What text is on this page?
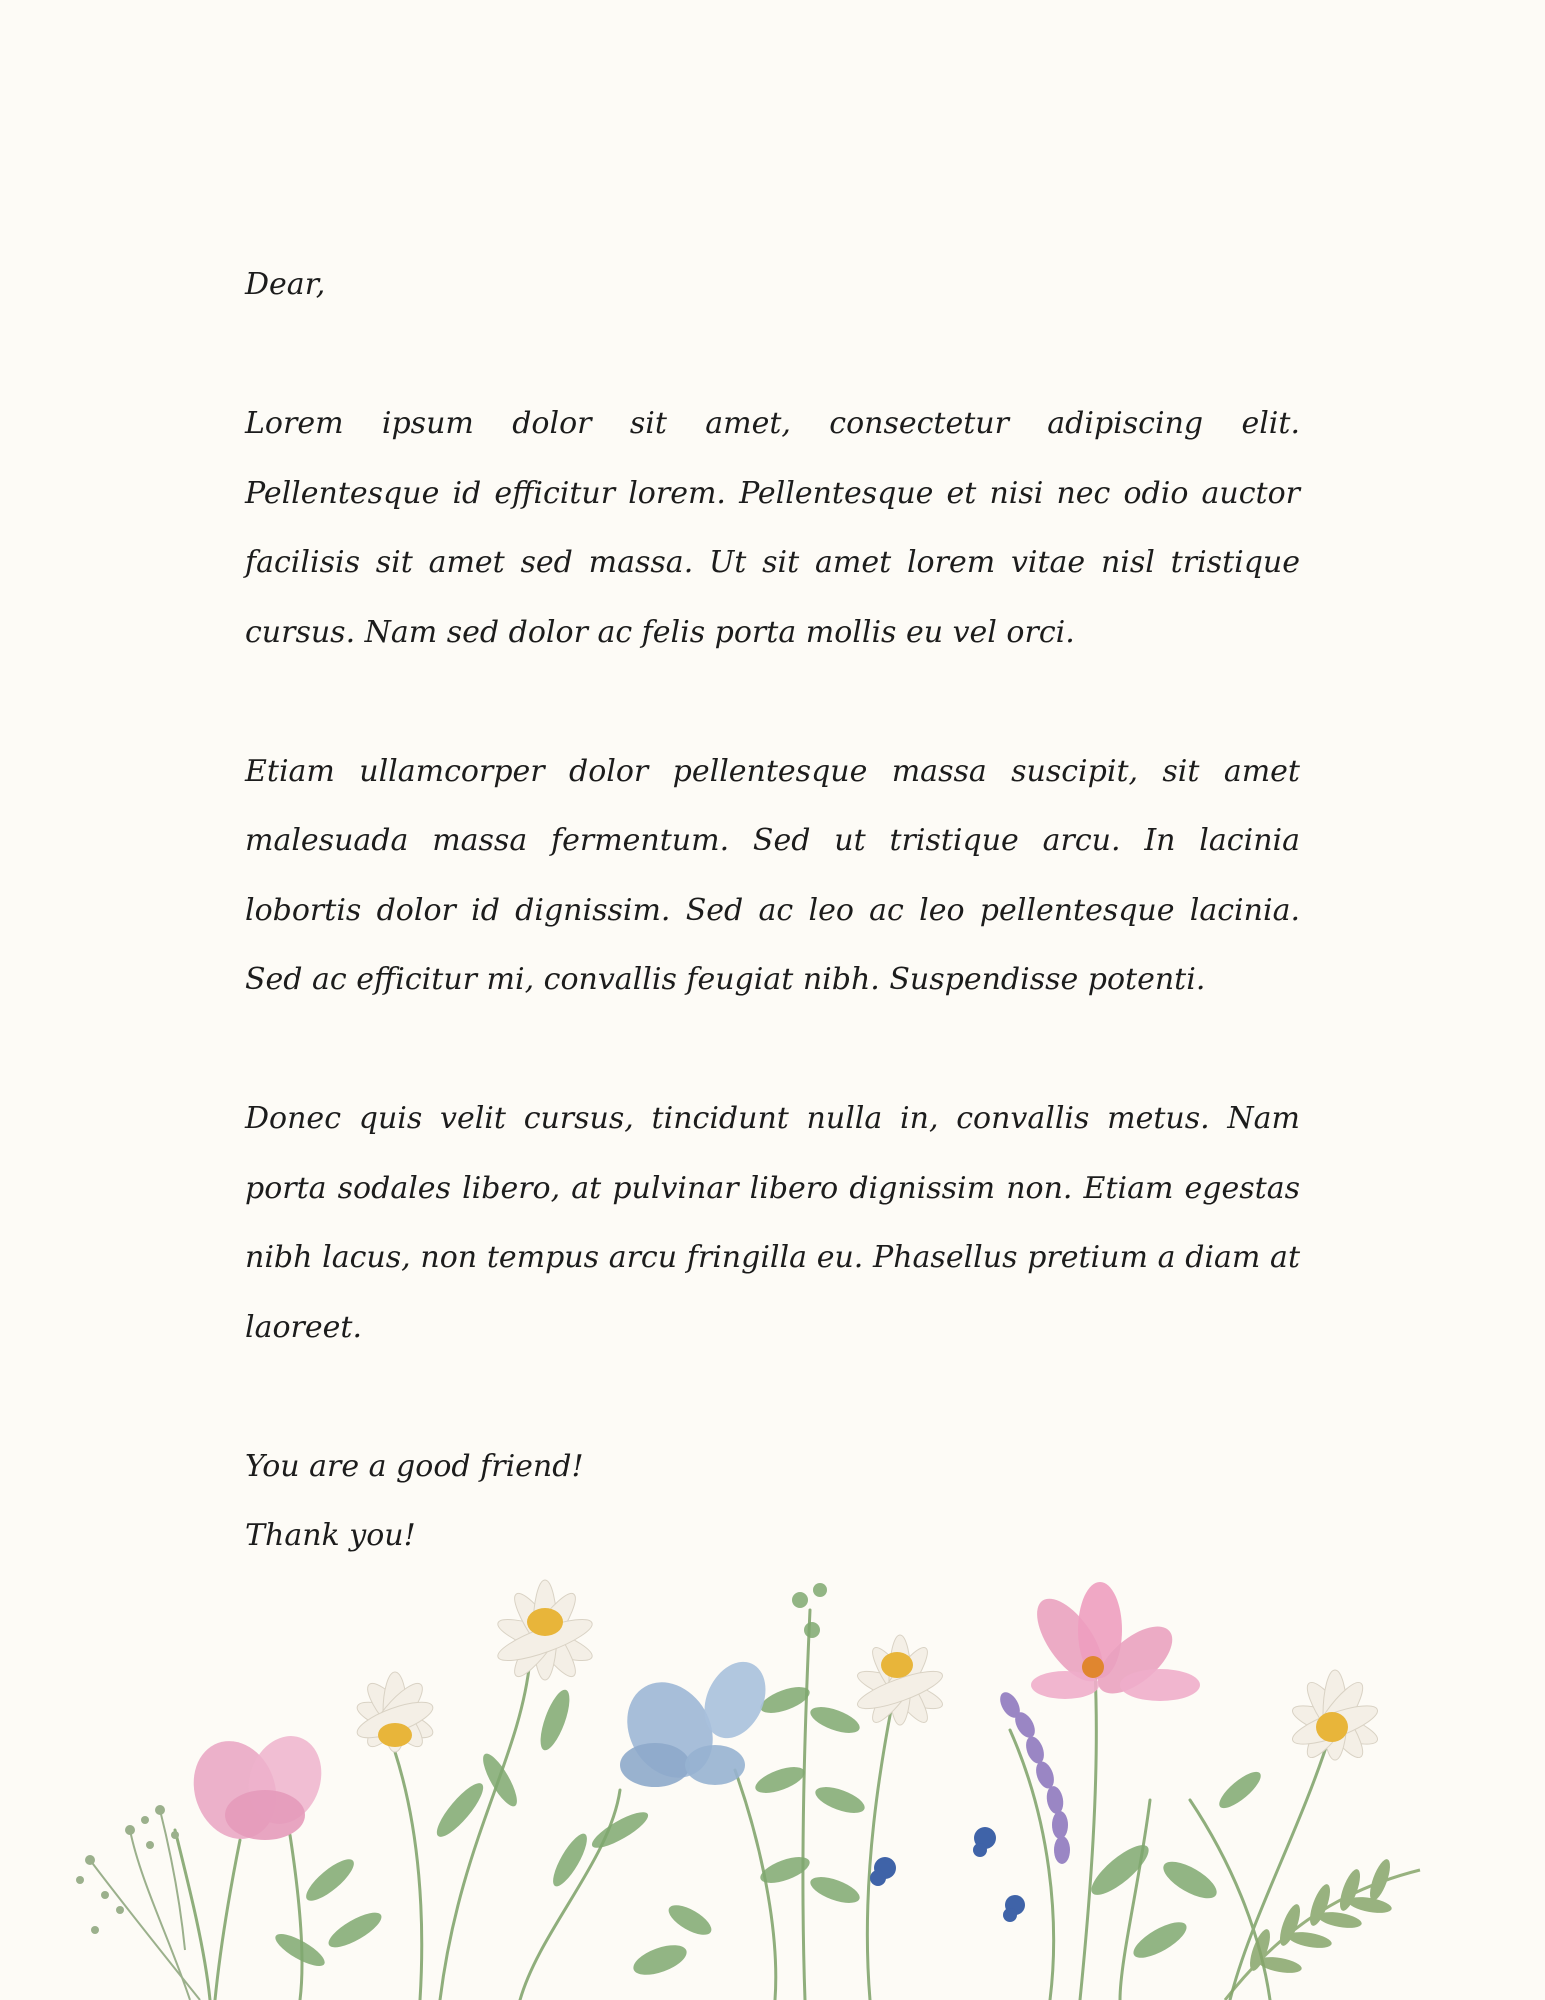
Dear,

Lorem ipsum dolor sit amet, consectetur adipiscing elit. Pellentesque id efficitur lorem. Pellentesque et nisi nec odio auctor facilisis sit amet sed massa. Ut sit amet lorem vitae nisl tristique cursus. Nam sed dolor ac felis porta mollis eu vel orci.

Etiam ullamcorper dolor pellentesque massa suscipit, sit amet malesuada massa fermentum. Sed ut tristique arcu. In lacinia lobortis dolor id dignissim. Sed ac leo ac leo pellentesque lacinia. Sed ac efficitur mi, convallis feugiat nibh. Suspendisse potenti.

Donec quis velit cursus, tincidunt nulla in, convallis metus. Nam porta sodales libero, at pulvinar libero dignissim non. Etiam egestas nibh lacus, non tempus arcu fringilla eu. Phasellus pretium a diam at laoreet.

You are a good friend!

Thank you!
